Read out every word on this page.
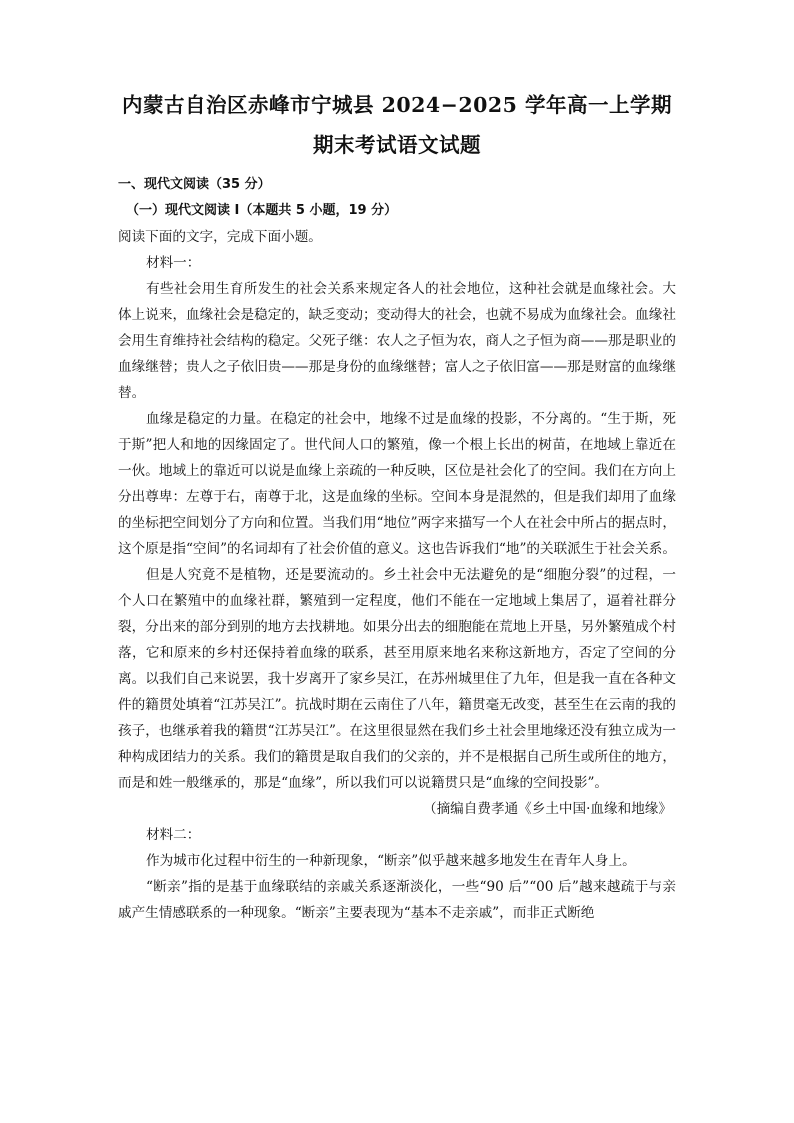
内蒙古自治区赤峰市宁城县 2024−2025 学年高一上学期
期末考试语文试题

一、现代文阅读（35 分）

（一）现代文阅读 I（本题共 5 小题，19 分）

阅读下面的文字，完成下面小题。

材料一：

有些社会用生育所发生的社会关系来规定各人的社会地位，这种社会就是血缘社会。大体上说来，血缘社会是稳定的，缺乏变动；变动得大的社会，也就不易成为血缘社会。血缘社会用生育维持社会结构的稳定。父死子继：农人之子恒为农，商人之子恒为商——那是职业的血缘继替；贵人之子依旧贵——那是身份的血缘继替；富人之子依旧富——那是财富的血缘继替。

血缘是稳定的力量。在稳定的社会中，地缘不过是血缘的投影，不分离的。“生于斯，死于斯”把人和地的因缘固定了。世代间人口的繁殖，像一个根上长出的树苗，在地域上靠近在一伙。地域上的靠近可以说是血缘上亲疏的一种反映，区位是社会化了的空间。我们在方向上分出尊卑：左尊于右，南尊于北，这是血缘的坐标。空间本身是混然的，但是我们却用了血缘的坐标把空间划分了方向和位置。当我们用“地位”两字来描写一个人在社会中所占的据点时，这个原是指“空间”的名词却有了社会价值的意义。这也告诉我们“地”的关联派生于社会关系。

但是人究竟不是植物，还是要流动的。乡土社会中无法避免的是“细胞分裂”的过程，一个人口在繁殖中的血缘社群，繁殖到一定程度，他们不能在一定地域上集居了，逼着社群分裂，分出来的部分到别的地方去找耕地。如果分出去的细胞能在荒地上开垦，另外繁殖成个村落，它和原来的乡村还保持着血缘的联系，甚至用原来地名来称这新地方，否定了空间的分离。以我们自己来说罢，我十岁离开了家乡吴江，在苏州城里住了九年，但是我一直在各种文件的籍贯处填着“江苏吴江”。抗战时期在云南住了八年，籍贯毫无改变，甚至生在云南的我的孩子，也继承着我的籍贯“江苏吴江”。在这里很显然在我们乡土社会里地缘还没有独立成为一种构成团结力的关系。我们的籍贯是取自我们的父亲的，并不是根据自己所生或所住的地方，而是和姓一般继承的，那是“血缘”，所以我们可以说籍贯只是“血缘的空间投影”。

（摘编自费孝通《乡土中国·血缘和地缘》

材料二：

作为城市化过程中衍生的一种新现象，“断亲”似乎越来越多地发生在青年人身上。

“断亲”指的是基于血缘联结的亲戚关系逐渐淡化，一些“90 后”“00 后”越来越疏于与亲戚产生情感联系的一种现象。“断亲”主要表现为“基本不走亲戚”，而非正式断绝
